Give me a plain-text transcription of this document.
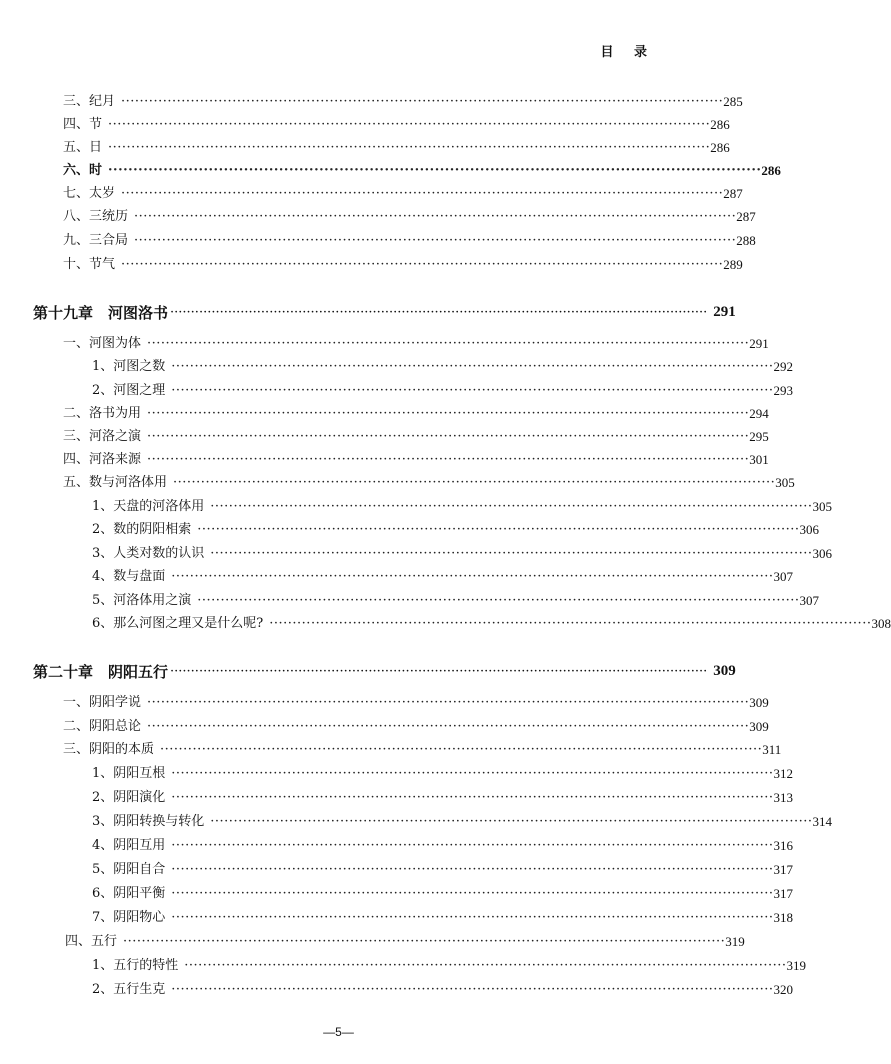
目 录
三、纪月 ·································································································································· 285
四、节 ·································································································································· 286
五、日 ·································································································································· 286
六、时 ·································································································································· 286
七、太岁 ·································································································································· 287
八、三统历 ·································································································································· 287
九、三合局 ·································································································································· 288
十、节气 ·································································································································· 289
第十九章　河图洛书 ·································································································································· 291
一、河图为体 ·································································································································· 291
1、河图之数 ·································································································································· 292
2、河图之理 ·································································································································· 293
二、洛书为用 ·································································································································· 294
三、河洛之演 ·································································································································· 295
四、河洛来源 ·································································································································· 301
五、数与河洛体用 ·································································································································· 305
1、天盘的河洛体用 ·································································································································· 305
2、数的阴阳相索 ·································································································································· 306
3、人类对数的认识 ·································································································································· 306
4、数与盘面 ·································································································································· 307
5、河洛体用之演 ·································································································································· 307
6、那么河图之理又是什么呢? ·································································································································· 308
第二十章　阴阳五行 ·································································································································· 309
一、阴阳学说 ·································································································································· 309
二、阴阳总论 ·································································································································· 309
三、阴阳的本质 ·································································································································· 311
1、阴阳互根 ·································································································································· 312
2、阴阳演化 ·································································································································· 313
3、阴阳转换与转化 ·································································································································· 314
4、阴阳互用 ·································································································································· 316
5、阴阳自合 ·································································································································· 317
6、阴阳平衡 ·································································································································· 317
7、阴阳物心 ·································································································································· 318
四、五行 ·································································································································· 319
1、五行的特性 ·································································································································· 319
2、五行生克 ·································································································································· 320
—5—
